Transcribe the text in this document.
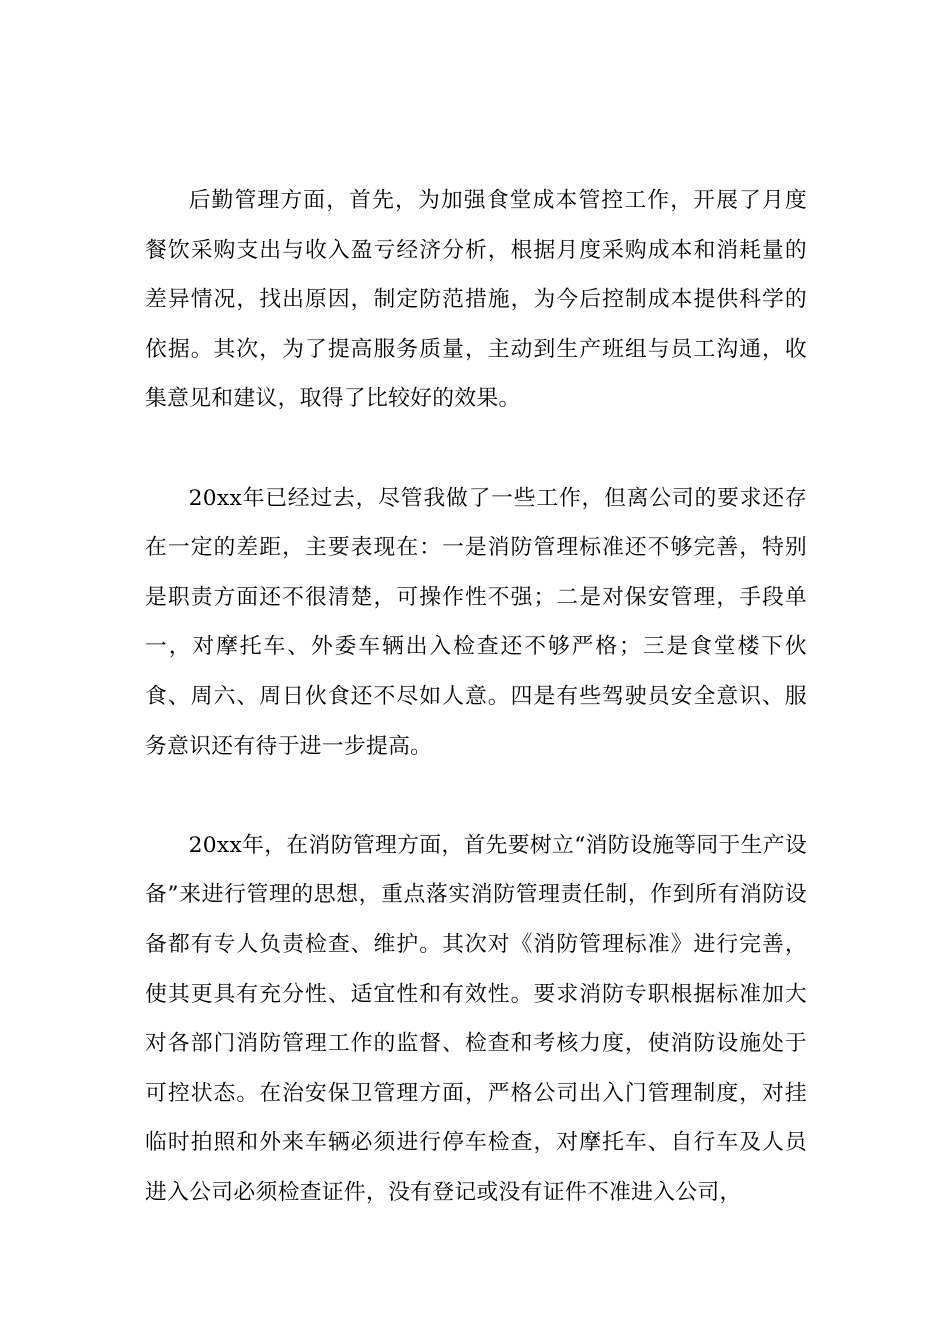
后勤管理方面，首先，为加强食堂成本管控工作，开展了月度餐饮采购支出与收入盈亏经济分析，根据月度采购成本和消耗量的差异情况，找出原因，制定防范措施，为今后控制成本提供科学的依据。其次，为了提高服务质量，主动到生产班组与员工沟通，收集意见和建议，取得了比较好的效果。

20xx年已经过去，尽管我做了一些工作，但离公司的要求还存在一定的差距，主要表现在：一是消防管理标准还不够完善，特别是职责方面还不很清楚，可操作性不强；二是对保安管理，手段单一，对摩托车、外委车辆出入检查还不够严格；三是食堂楼下伙食、周六、周日伙食还不尽如人意。四是有些驾驶员安全意识、服务意识还有待于进一步提高。

20xx年，在消防管理方面，首先要树立“消防设施等同于生产设备”来进行管理的思想，重点落实消防管理责任制，作到所有消防设备都有专人负责检查、维护。其次对《消防管理标准》进行完善，使其更具有充分性、适宜性和有效性。要求消防专职根据标准加大对各部门消防管理工作的监督、检查和考核力度，使消防设施处于可控状态。在治安保卫管理方面，严格公司出入门管理制度，对挂临时拍照和外来车辆必须进行停车检查，对摩托车、自行车及人员进入公司必须检查证件，没有登记或没有证件不准进入公司，
